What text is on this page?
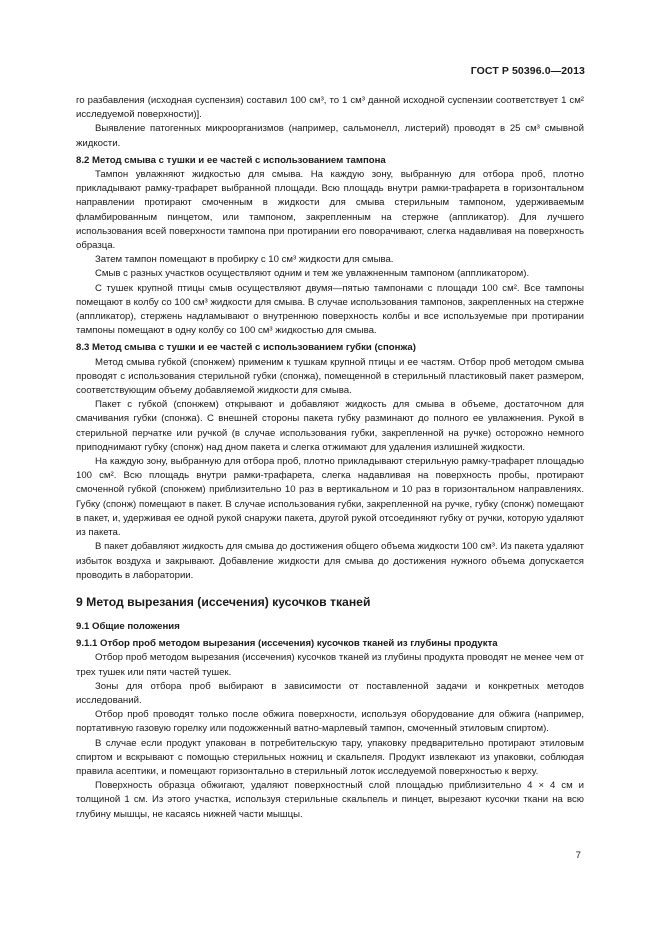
ГОСТ Р 50396.0—2013
го разбавления (исходная суспензия) составил 100 см³, то 1 см³ данной исходной суспензии соответствует 1 см² исследуемой поверхности)].
Выявление патогенных микроорганизмов (например, сальмонелл, листерий) проводят в 25 см³ смывной жидкости.
8.2 Метод смыва с тушки и ее частей с использованием тампона
Тампон увлажняют жидкостью для смыва. На каждую зону, выбранную для отбора проб, плотно прикладывают рамку-трафарет выбранной площади. Всю площадь внутри рамки-трафарета в горизонтальном направлении протирают смоченным в жидкости для смыва стерильным тампоном, удерживаемым фламбированным пинцетом, или тампоном, закрепленным на стержне (аппликатор). Для лучшего использования всей поверхности тампона при протирании его поворачивают, слегка надавливая на поверхность образца.
Затем тампон помещают в пробирку с 10 см³ жидкости для смыва.
Смыв с разных участков осуществляют одним и тем же увлажненным тампоном (аппликатором).
С тушек крупной птицы смыв осуществляют двумя—пятью тампонами с площади 100 см². Все тампоны помещают в колбу со 100 см³ жидкости для смыва. В случае использования тампонов, закрепленных на стержне (аппликатор), стержень надламывают о внутреннюю поверхность колбы и все используемые при протирании тампоны помещают в одну колбу со 100 см³ жидкостью для смыва.
8.3 Метод смыва с тушки и ее частей с использованием губки (спонжа)
Метод смыва губкой (спонжем) применим к тушкам крупной птицы и ее частям. Отбор проб методом смыва проводят с использования стерильной губки (спонжа), помещенной в стерильный пластиковый пакет размером, соответствующим объему добавляемой жидкости для смыва.
Пакет с губкой (спонжем) открывают и добавляют жидкость для смыва в объеме, достаточном для смачивания губки (спонжа). С внешней стороны пакета губку разминают до полного ее увлажнения. Рукой в стерильной перчатке или ручкой (в случае использования губки, закрепленной на ручке) осторожно немного приподнимают губку (спонж) над дном пакета и слегка отжимают для удаления излишней жидкости.
На каждую зону, выбранную для отбора проб, плотно прикладывают стерильную рамку-трафарет площадью 100 см². Всю площадь внутри рамки-трафарета, слегка надавливая на поверхность пробы, протирают смоченной губкой (спонжем) приблизительно 10 раз в вертикальном и 10 раз в горизонтальном направлениях. Губку (спонж) помещают в пакет. В случае использования губки, закрепленной на ручке, губку (спонж) помещают в пакет, и, удерживая ее одной рукой снаружи пакета, другой рукой отсоединяют губку от ручки, которую удаляют из пакета.
В пакет добавляют жидкость для смыва до достижения общего объема жидкости 100 см³. Из пакета удаляют избыток воздуха и закрывают. Добавление жидкости для смыва до достижения нужного объема допускается проводить в лаборатории.
9 Метод вырезания (иссечения) кусочков тканей
9.1 Общие положения
9.1.1 Отбор проб методом вырезания (иссечения) кусочков тканей из глубины продукта
Отбор проб методом вырезания (иссечения) кусочков тканей из глубины продукта проводят не менее чем от трех тушек или пяти частей тушек.
Зоны для отбора проб выбирают в зависимости от поставленной задачи и конкретных методов исследований.
Отбор проб проводят только после обжига поверхности, используя оборудование для обжига (например, портативную газовую горелку или подожженный ватно-марлевый тампон, смоченный этиловым спиртом).
В случае если продукт упакован в потребительскую тару, упаковку предварительно протирают этиловым спиртом и вскрывают с помощью стерильных ножниц и скальпеля. Продукт извлекают из упаковки, соблюдая правила асептики, и помещают горизонтально в стерильный лоток исследуемой поверхностью к верху.
Поверхность образца обжигают, удаляют поверхностный слой площадью приблизительно 4 × 4 см и толщиной 1 см. Из этого участка, используя стерильные скальпель и пинцет, вырезают кусочки ткани на всю глубину мышцы, не касаясь нижней части мышцы.
7
